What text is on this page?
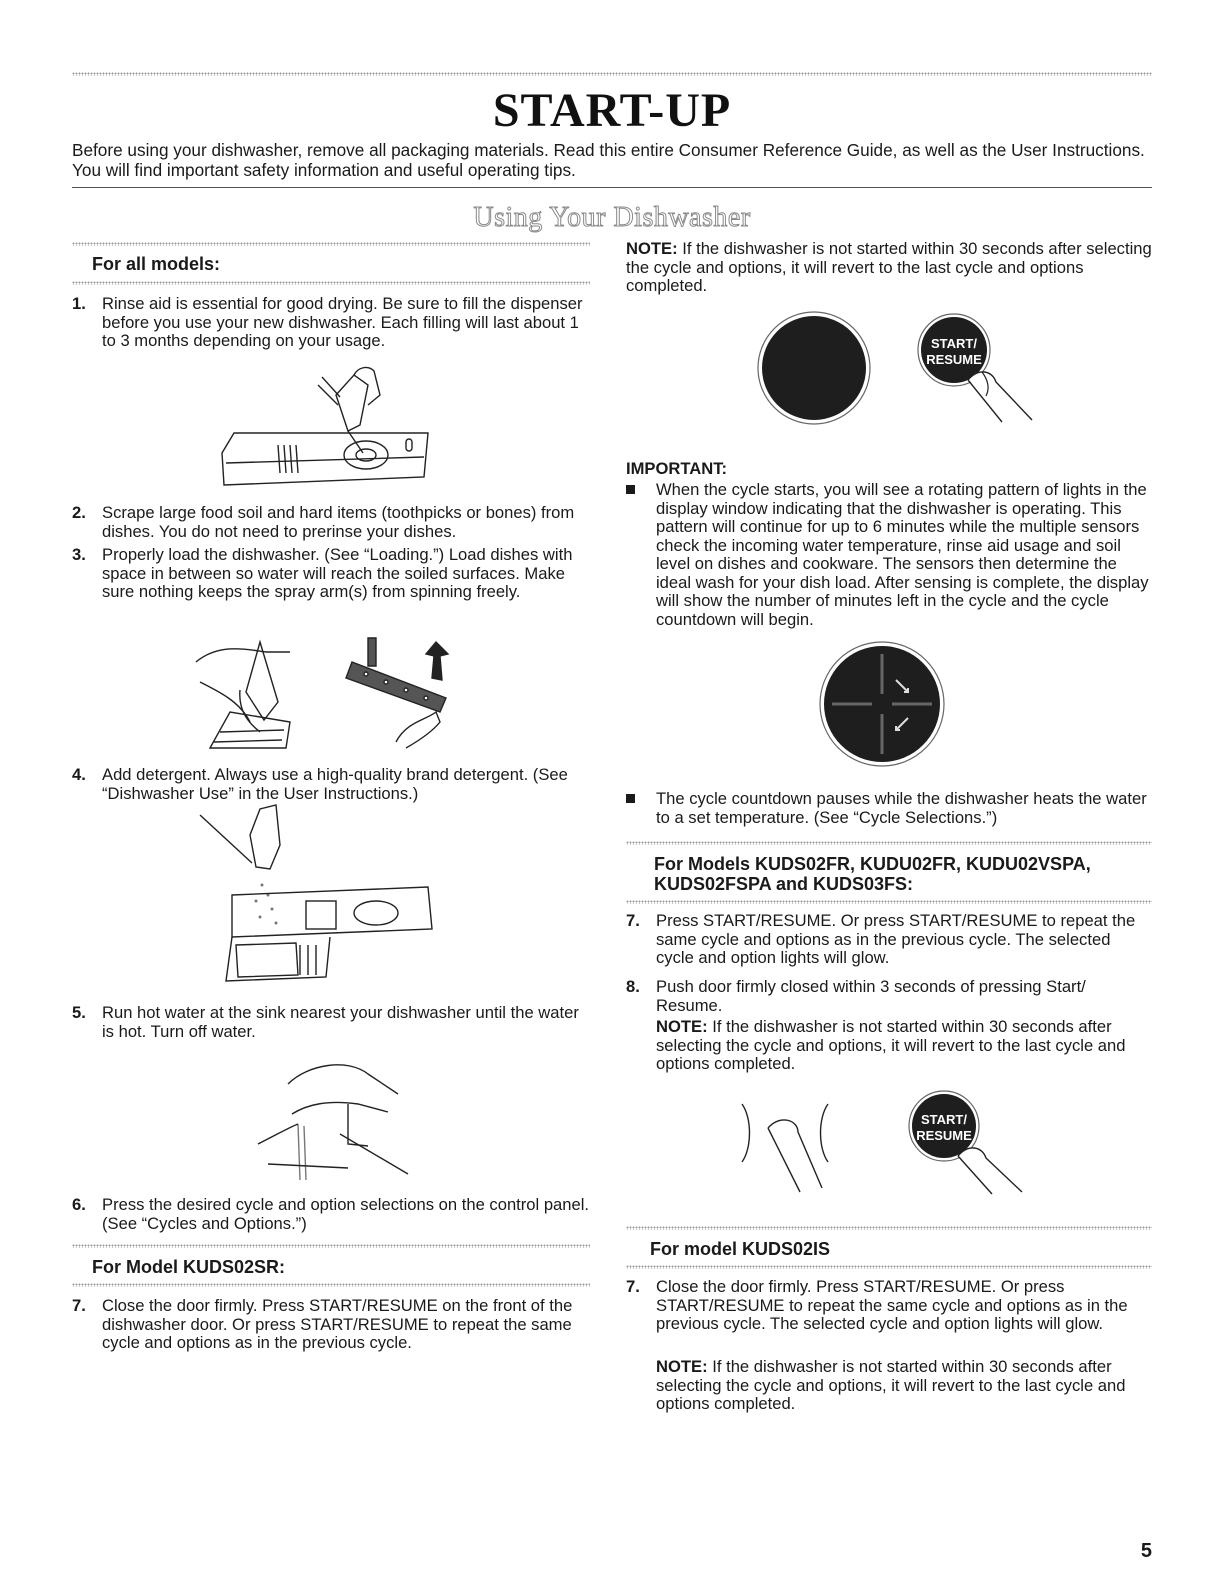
START-UP
Before using your dishwasher, remove all packaging materials. Read this entire Consumer Reference Guide, as well as the User Instructions. You will find important safety information and useful operating tips.
Using Your Dishwasher
For all models:
1. Rinse aid is essential for good drying. Be sure to fill the dispenser before you use your new dishwasher. Each filling will last about 1 to 3 months depending on your usage.
2. Scrape large food soil and hard items (toothpicks or bones) from dishes. You do not need to prerinse your dishes.
3. Properly load the dishwasher. (See “Loading.”) Load dishes with space in between so water will reach the soiled surfaces. Make sure nothing keeps the spray arm(s) from spinning freely.
4. Add detergent. Always use a high-quality brand detergent. (See “Dishwasher Use” in the User Instructions.)
5. Run hot water at the sink nearest your dishwasher until the water is hot. Turn off water.
6. Press the desired cycle and option selections on the control panel. (See “Cycles and Options.”)
For Model KUDS02SR:
7. Close the door firmly. Press START/RESUME on the front of the dishwasher door. Or press START/RESUME to repeat the same cycle and options as in the previous cycle.
NOTE: If the dishwasher is not started within 30 seconds after selecting the cycle and options, it will revert to the last cycle and options completed.
START/
RESUME
IMPORTANT:
When the cycle starts, you will see a rotating pattern of lights in the display window indicating that the dishwasher is operating. This pattern will continue for up to 6 minutes while the multiple sensors check the incoming water temperature, rinse aid usage and soil level on dishes and cookware. The sensors then determine the ideal wash for your dish load. After sensing is complete, the display will show the number of minutes left in the cycle and the cycle countdown will begin.
The cycle countdown pauses while the dishwasher heats the water to a set temperature. (See “Cycle Selections.”)
For Models KUDS02FR, KUDU02FR, KUDU02VSPA,
KUDS02FSPA and KUDS03FS:
7. Press START/RESUME. Or press START/RESUME to repeat the same cycle and options as in the previous cycle. The selected cycle and option lights will glow.
8. Push door firmly closed within 3 seconds of pressing Start/ Resume.
NOTE: If the dishwasher is not started within 30 seconds after selecting the cycle and options, it will revert to the last cycle and options completed.
START/
RESUME
For model KUDS02IS
7. Close the door firmly. Press START/RESUME. Or press START/RESUME to repeat the same cycle and options as in the previous cycle. The selected cycle and option lights will glow.
NOTE: If the dishwasher is not started within 30 seconds after selecting the cycle and options, it will revert to the last cycle and options completed.
5
